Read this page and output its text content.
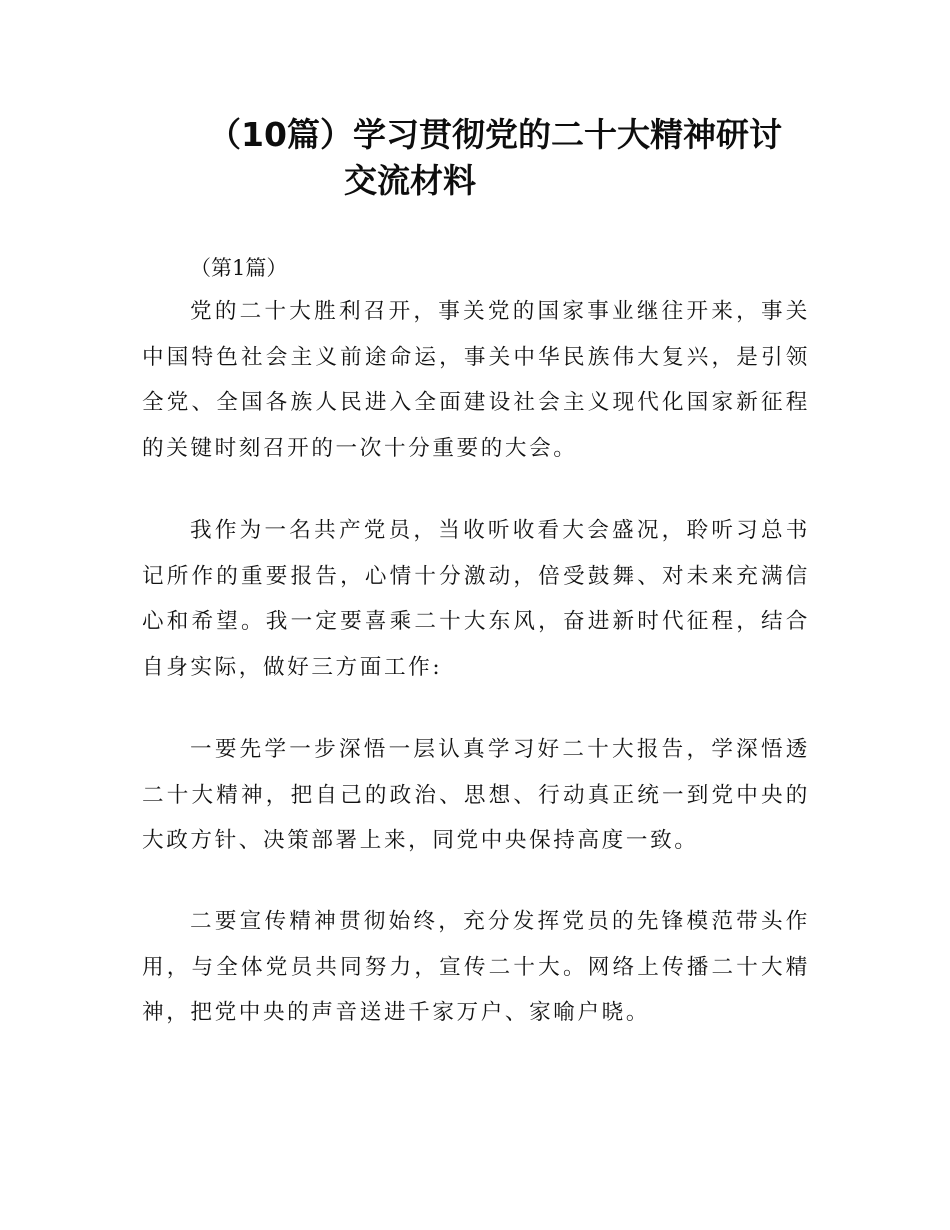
（10篇）学习贯彻党的二十大精神研讨
交流材料
（第1篇）
党的二十大胜利召开，事关党的国家事业继往开来，事关中国特色社会主义前途命运，事关中华民族伟大复兴，是引领全党、全国各族人民进入全面建设社会主义现代化国家新征程的关键时刻召开的一次十分重要的大会。
我作为一名共产党员，当收听收看大会盛况，聆听习总书记所作的重要报告，心情十分激动，倍受鼓舞、对未来充满信心和希望。我一定要喜乘二十大东风，奋进新时代征程，结合自身实际，做好三方面工作:
一要先学一步深悟一层认真学习好二十大报告，学深悟透二十大精神，把自己的政治、思想、行动真正统一到党中央的大政方针、决策部署上来，同党中央保持高度一致。
二要宣传精神贯彻始终，充分发挥党员的先锋模范带头作用，与全体党员共同努力，宣传二十大。网络上传播二十大精神，把党中央的声音送进千家万户、家喻户晓。
